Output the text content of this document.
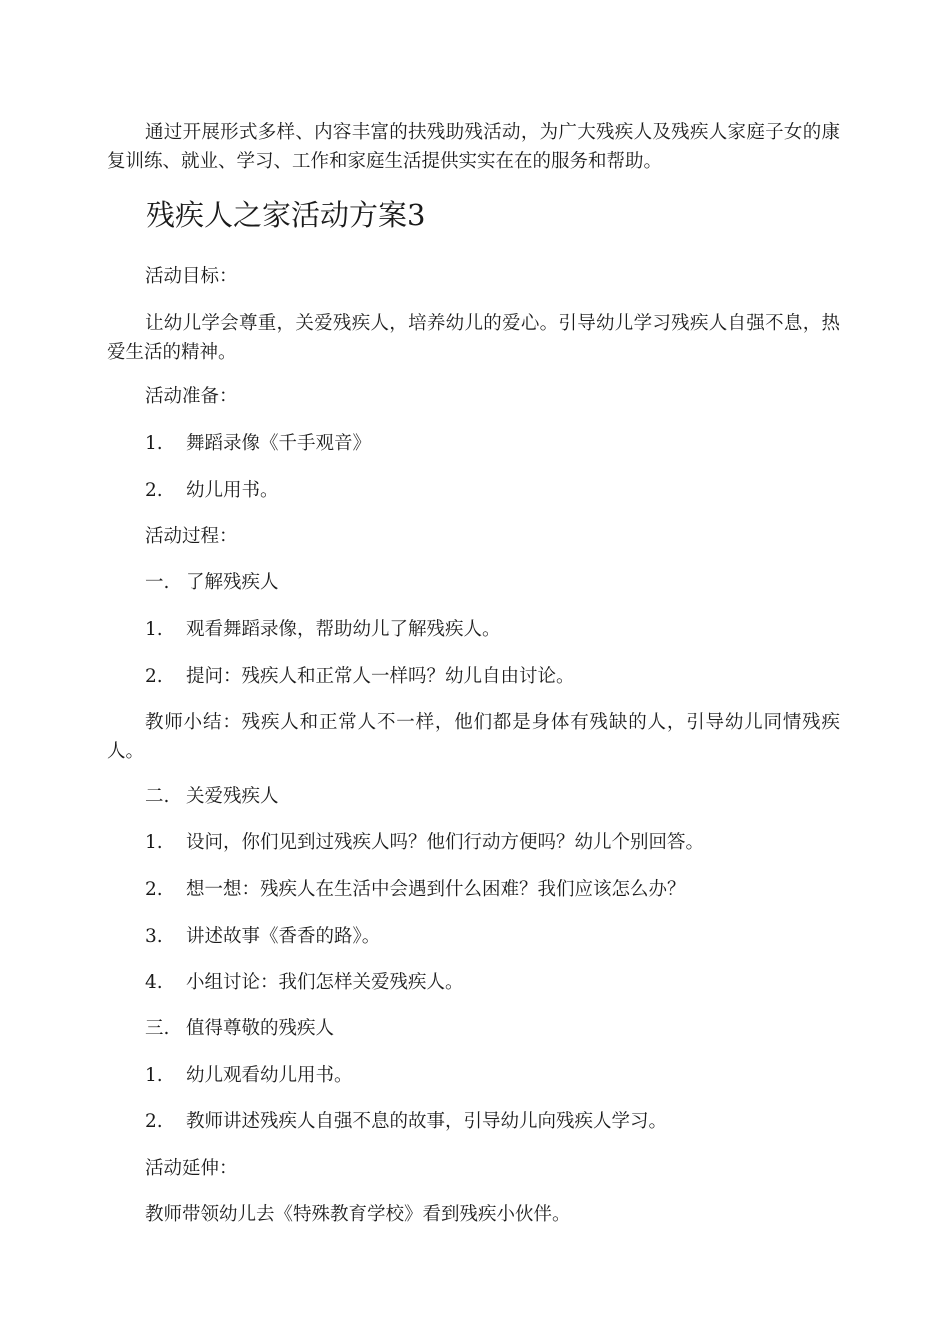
通过开展形式多样、内容丰富的扶残助残活动，为广大残疾人及残疾人家庭子女的康复训练、就业、学习、工作和家庭生活提供实实在在的服务和帮助。

残疾人之家活动方案3

活动目标：

让幼儿学会尊重，关爱残疾人，培养幼儿的爱心。引导幼儿学习残疾人自强不息，热爱生活的精神。

活动准备：

1. 舞蹈录像《千手观音》

2. 幼儿用书。

活动过程：

一. 了解残疾人

1. 观看舞蹈录像，帮助幼儿了解残疾人。

2. 提问：残疾人和正常人一样吗？幼儿自由讨论。

教师小结：残疾人和正常人不一样，他们都是身体有残缺的人，引导幼儿同情残疾人。

二. 关爱残疾人

1. 设问，你们见到过残疾人吗？他们行动方便吗？幼儿个别回答。

2. 想一想：残疾人在生活中会遇到什么困难？我们应该怎么办？

3. 讲述故事《香香的路》。

4. 小组讨论：我们怎样关爱残疾人。

三. 值得尊敬的残疾人

1. 幼儿观看幼儿用书。

2. 教师讲述残疾人自强不息的故事，引导幼儿向残疾人学习。

活动延伸：

教师带领幼儿去《特殊教育学校》看到残疾小伙伴。
